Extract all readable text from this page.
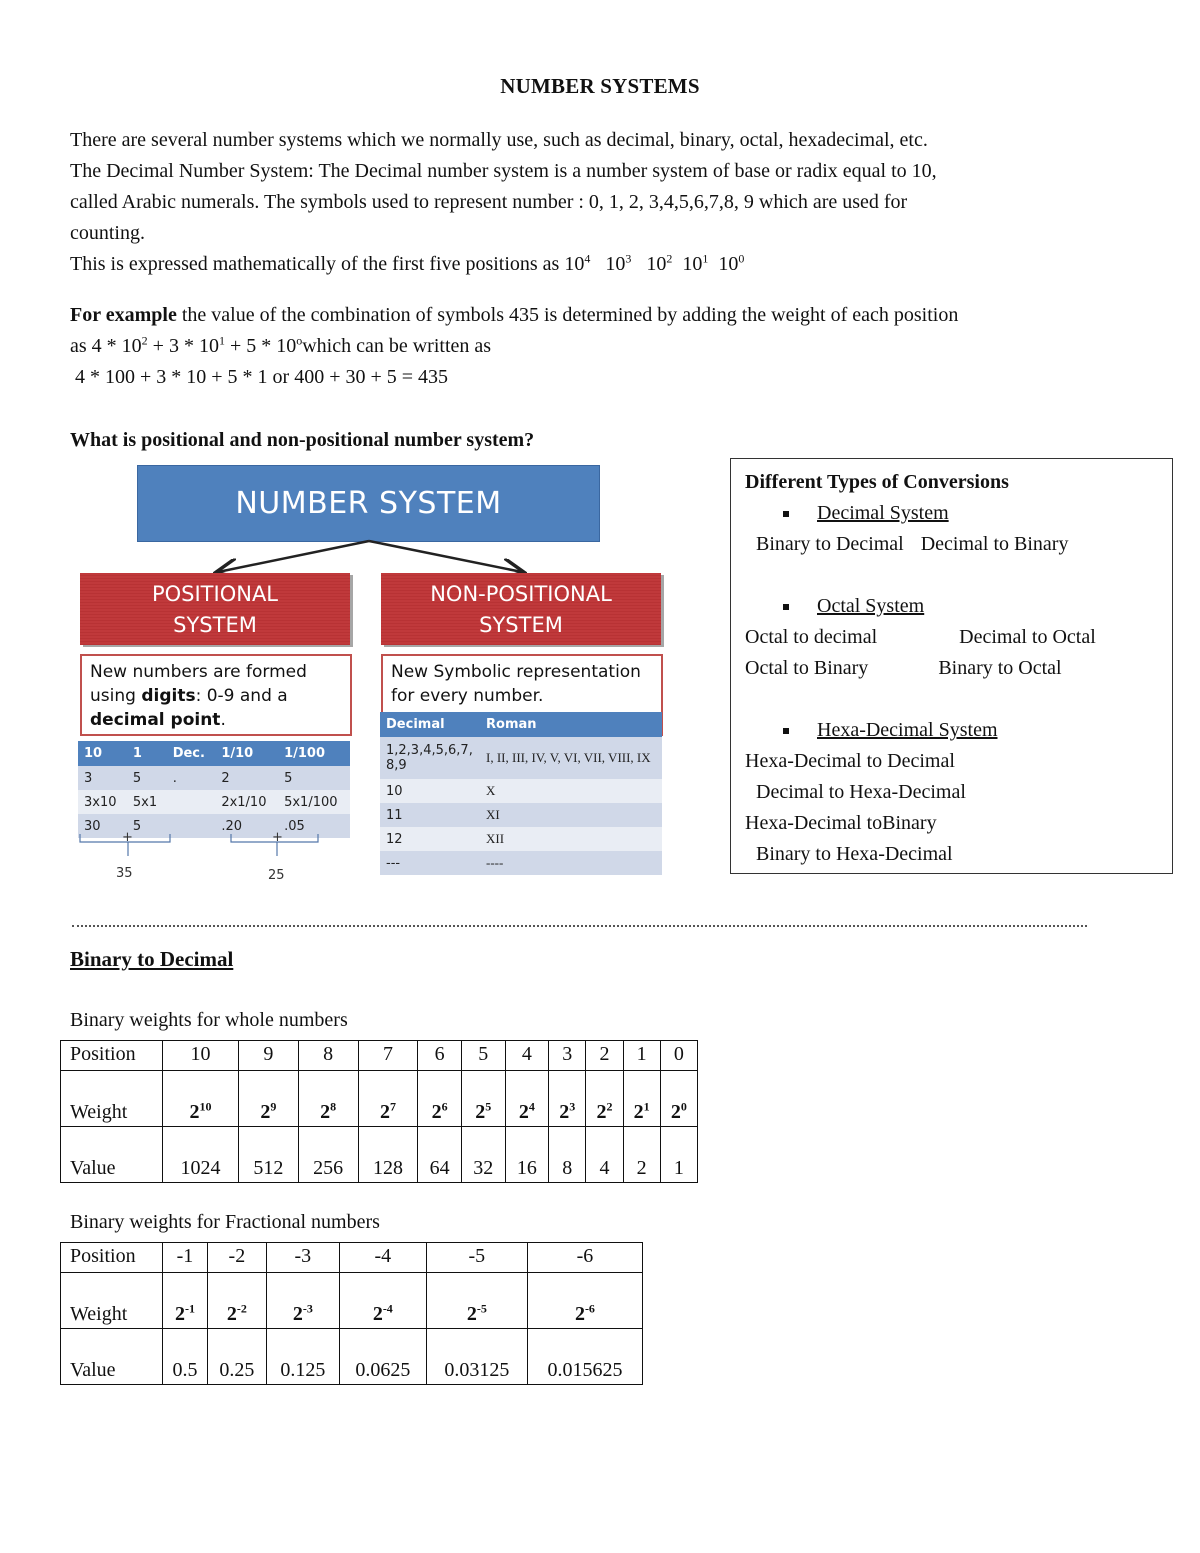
NUMBER SYSTEMS
There are several number systems which we normally use, such as decimal, binary, octal, hexadecimal, etc.
The Decimal Number System: The Decimal number system is a number system of base or radix equal to 10,
called Arabic numerals. The symbols used to represent number : 0, 1, 2, 3,4,5,6,7,8, 9 which are used for
counting.
This is expressed mathematically of the first five positions as $10^4$ $10^3$ $10^2$ $10^1$ $10^0$
For example the value of the combination of symbols 435 is determined by adding the weight of each position
as $4 * 10^2 + 3 * 10^1 + 5$ * 10$^o$which can be written as
4 * 100 + 3 * 10 + 5 * 1 or 400 + 30 + 5 = 435
What is positional and non-positional number system?
NUMBER SYSTEM
POSITIONAL
SYSTEM
NON-POSITIONAL
SYSTEM
New numbers are formed
using digits: 0-9 and a
decimal point.
New Symbolic representation
for every number.
10	1	Dec.	1/10	1/100
3	5	.	2	5
3x10	5x1		2x1/10	5x1/100
30	5		.20	.05
+	+
35	25
Decimal	Roman
1,2,3,4,5,6,7, 8,9	I, II, III, IV, V, VI, VII, VIII, IX
10	X
11	XI
12	XII
---	----
Different Types of Conversions
Decimal System
Binary to Decimal Decimal to Binary
Octal System
Octal to decimal	Decimal to Octal
Octal to Binary	Binary to Octal
Hexa-Decimal System
Hexa-Decimal to Decimal
Decimal to Hexa-Decimal
Hexa-Decimal toBinary
Binary to Hexa-Decimal
Binary to Decimal
Binary weights for whole numbers
Position	10	9	8	7	6	5	4	3	2	1	0
Weight	$2^{10}$	$2^9$	$2^8$	$2^7$	$2^6$	$2^5$	$2^4$	$2^3$	$2^2$	$2^1$	$2^0$
Value	1024	512	256	128	64	32	16	8	4	2	1
Binary weights for Fractional numbers
Position	-1	-2	-3	-4	-5	-6
Weight	$2^{-1}$	$2^{-2}$	$2^{-3}$	$2^{-4}$	$2^{-5}$	$2^{-6}$
Value	0.5	0.25	0.125	0.0625	0.03125	0.015625
